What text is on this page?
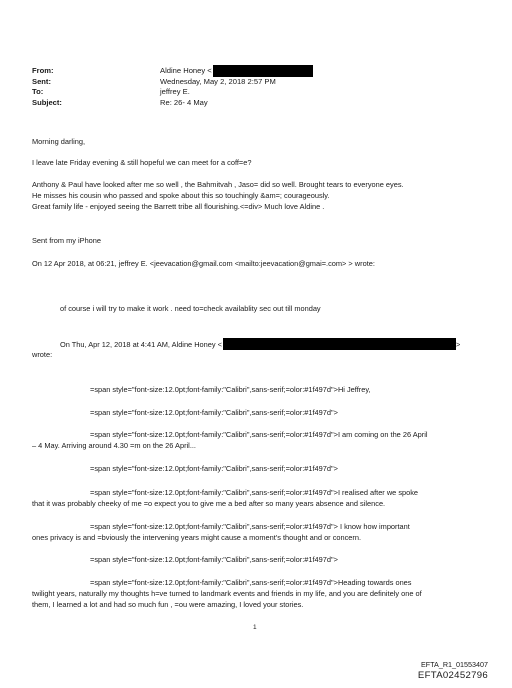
From:	Aldine Honey <
Sent:	Wednesday, May 2, 2018 2:57 PM
To:	jeffrey E.
Subject:	Re: 26- 4 May
Morning darling,
I leave late Friday evening & still hopeful we can meet for a coff=e?
Anthony & Paul have looked after me so well , the Bahmitvah , Jaso= did so well. Brought tears to everyone eyes.
He misses his cousin who passed and spoke about this so touchingly &am=; courageously.
Great family life - enjoyed seeing the Barrett tribe all flourishing.<=div> Much love Aldine .
Sent from my iPhone
On 12 Apr 2018, at 06:21, jeffrey E. <jeevacation@gmail.com <mailto:jeevacation@gmai=.com> > wrote:
of course i will try to make it work . need to=check availablity sec out till monday
On Thu, Apr 12, 2018 at 4:41 AM, Aldine Honey <	>
wrote:
=span style="font-size:12.0pt;font-family:"Calibri",sans-serif;=olor:#1f497d">Hi Jeffrey,
=span style="font-size:12.0pt;font-family:"Calibri",sans-serif;=olor:#1f497d">
=span style="font-size:12.0pt;font-family:"Calibri",sans-serif;=olor:#1f497d">I am coming on the 26 April
– 4 May. Arriving around 4.30 =m on the 26 April...
=span style="font-size:12.0pt;font-family:"Calibri",sans-serif;=olor:#1f497d">
=span style="font-size:12.0pt;font-family:"Calibri",sans-serif;=olor:#1f497d">I realised after we spoke
that it was probably cheeky of me =o expect you to give me a bed after so many years absence and silence.
=span style="font-size:12.0pt;font-family:"Calibri",sans-serif;=olor:#1f497d"> I know how important
ones privacy is and =bviously the intervening years might cause a moment's thought and or concern.
=span style="font-size:12.0pt;font-family:"Calibri",sans-serif;=olor:#1f497d">
=span style="font-size:12.0pt;font-family:"Calibri",sans-serif;=olor:#1f497d">Heading towards ones
twilight years, naturally my thoughts h=ve turned to landmark events and friends in my life, and you are definitely one of
them, I learned a lot and had so much fun , =ou were amazing, I loved your stories.
1
EFTA_R1_01553407
EFTA02452796
